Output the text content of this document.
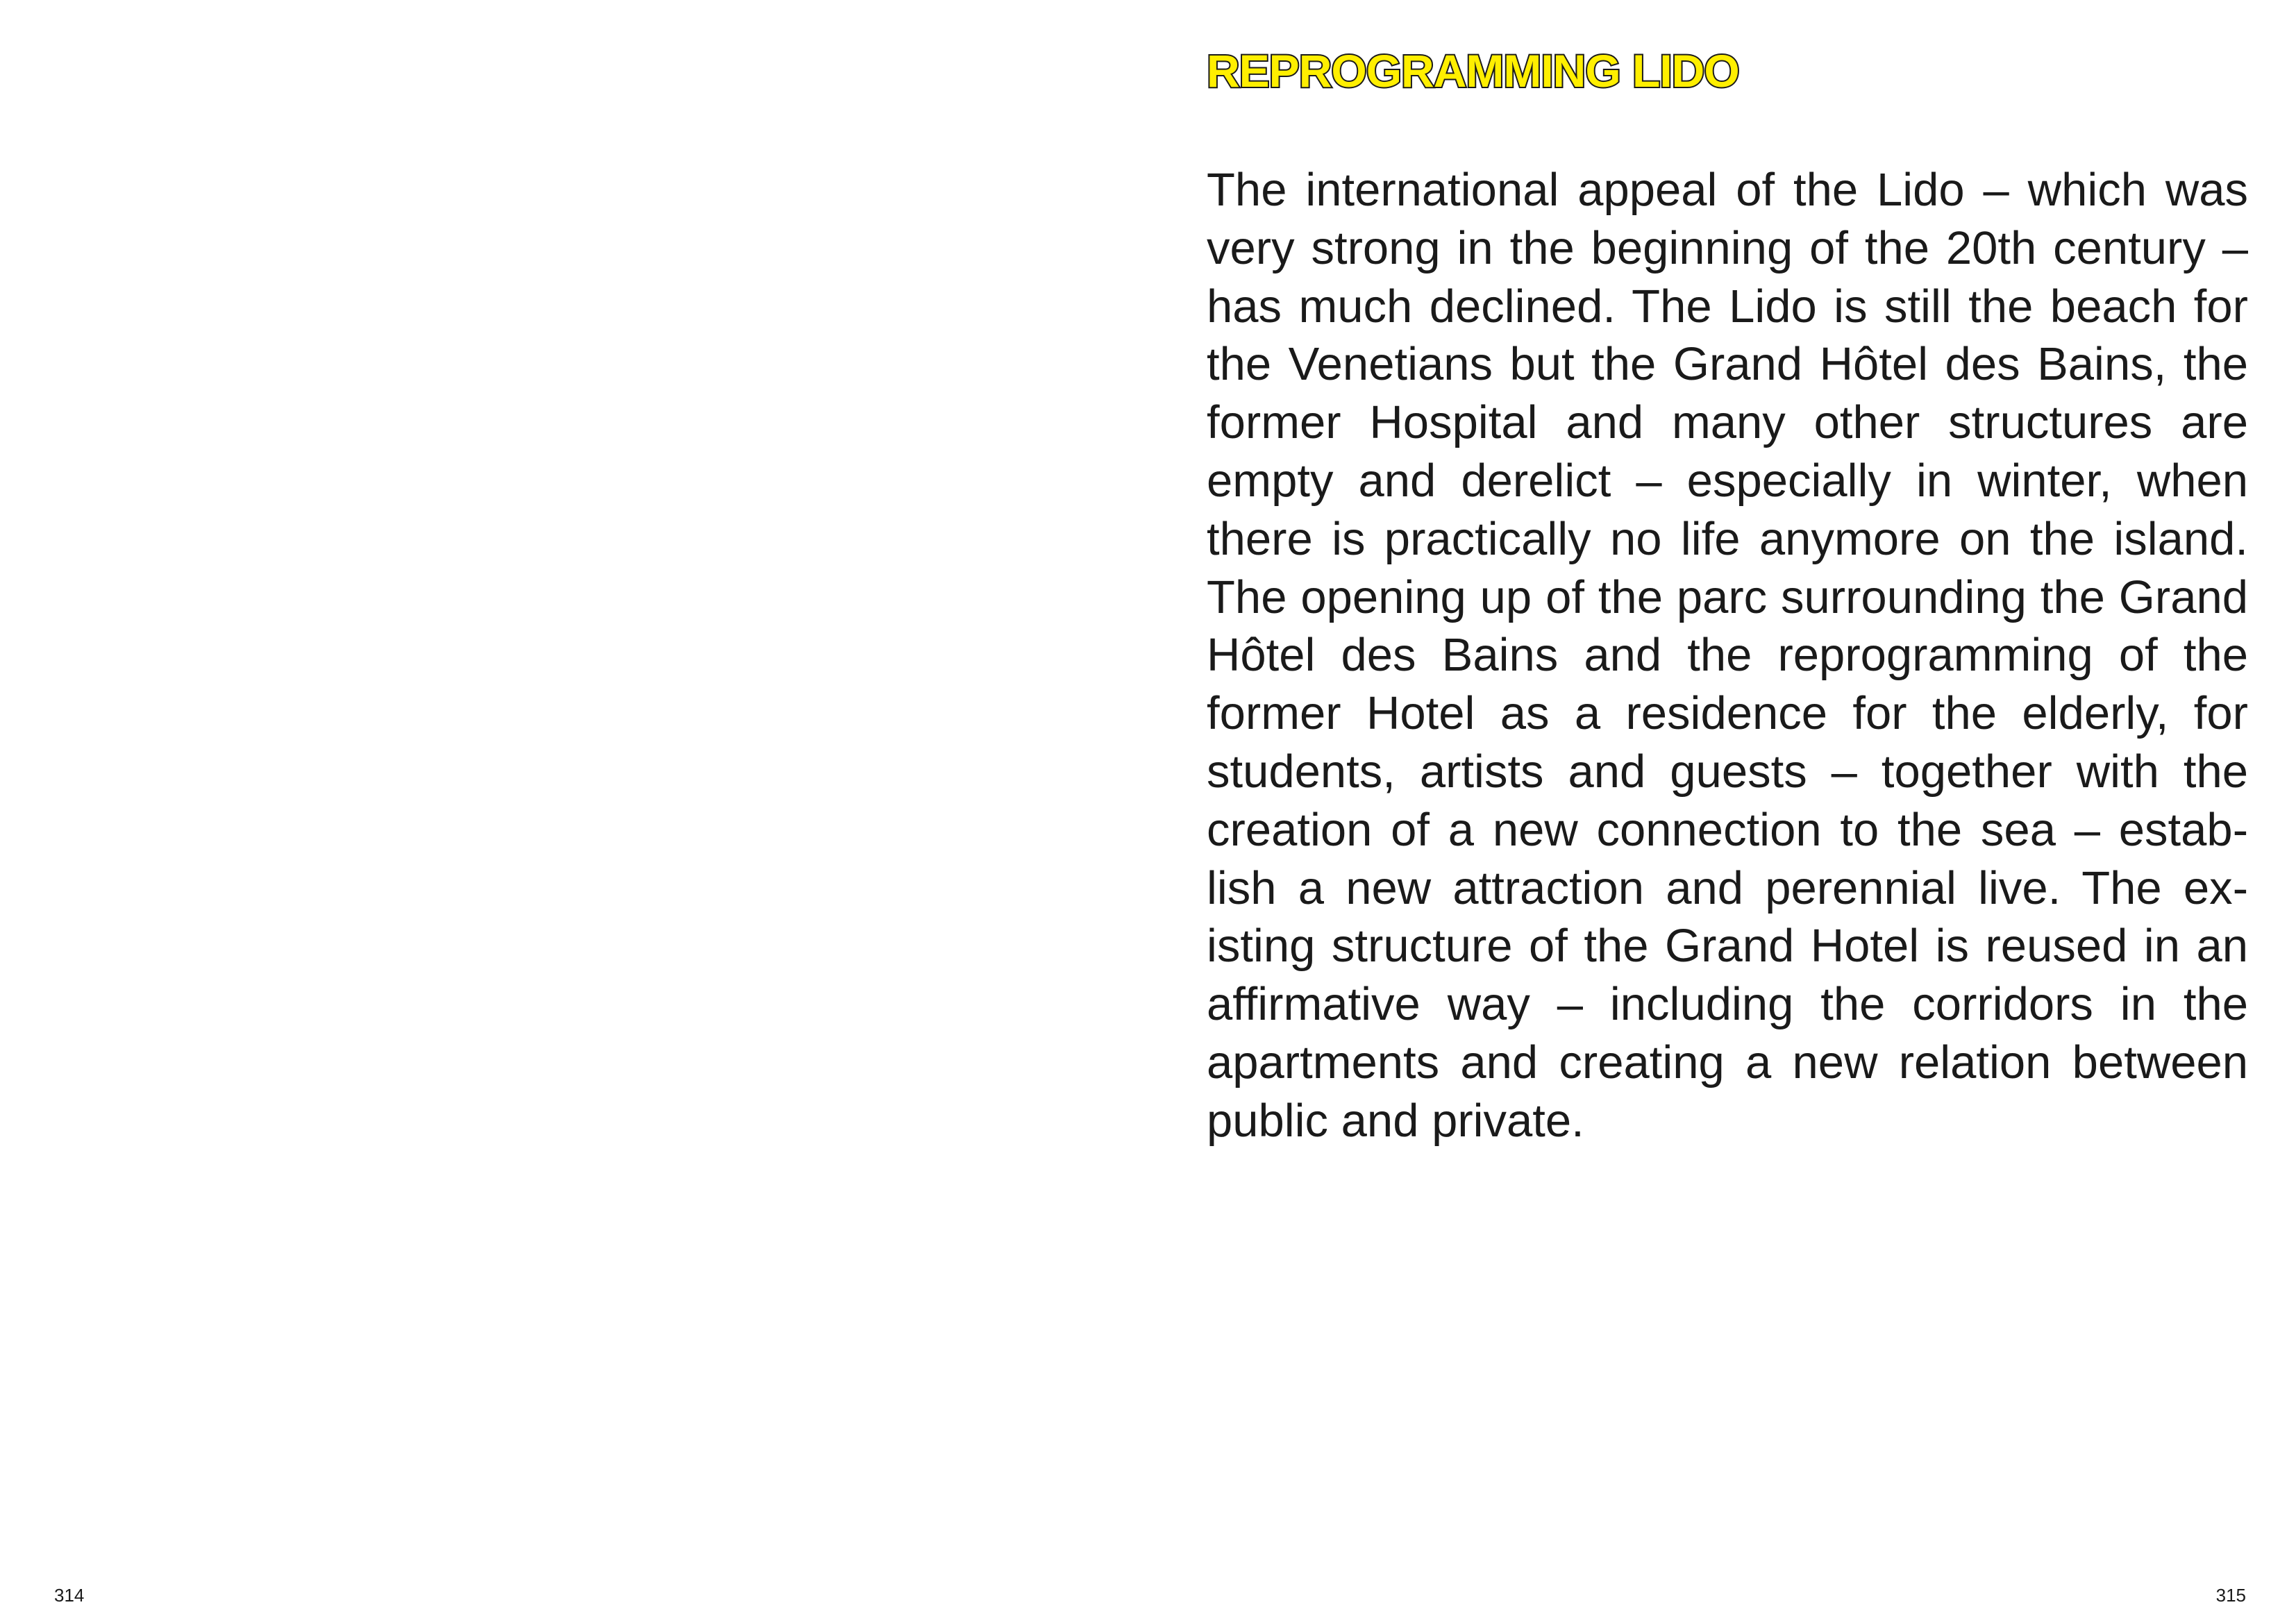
314
REPROGRAMMING LIDO

The international appeal of the Lido – which was very strong in the beginning of the 20th century – has much declined. The Lido is still the beach for the Venetians but the Grand Hôtel des Bains, the former Hospital and many other structures are empty and derelict – especially in winter, when there is practically no life anymore on the island. The opening up of the parc surrounding the Grand Hôtel des Bains and the reprogramming of the former Hotel as a residence for the elderly, for students, artists and guests – together with the creation of a new connection to the sea – establish a new attraction and perennial live. The existing structure of the Grand Hotel is reused in an affirmative way – including the corridors in the apartments and creating a new relation between public and private.

315
